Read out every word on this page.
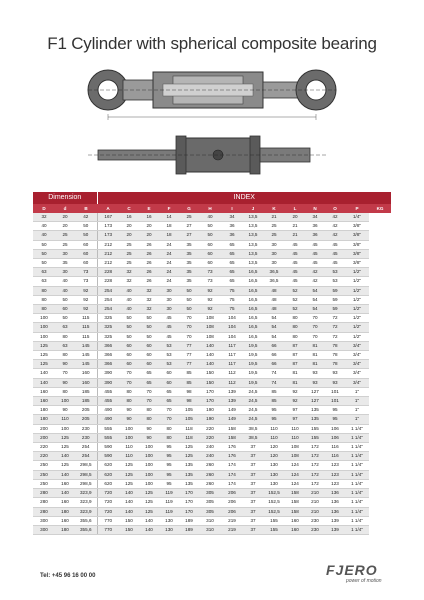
F1 Cylinder with spherical composite bearing
Dimension			INDEX													
D	d	B	A	C	E	F	G	H	I	J	K	L	N	O	P	KG
32	20	42	167	16	16	14	25	40	34	13,5	21	20	34	42	1/4"	
40	20	50	173	20	20	18	27	50	36	13,5	25	21	36	42	3/8"	
40	25	50	173	20	20	18	27	50	36	13,5	25	21	36	42	3/8"	
50	25	60	212	25	26	24	35	60	65	13,5	30	45	45	45	3/8"	
50	30	60	212	25	26	24	35	60	65	13,5	30	45	45	45	3/8"	
50	35	60	212	25	26	24	35	60	65	13,5	30	45	45	45	3/8"	
63	30	73	228	32	26	24	35	73	65	16,5	36,5	45	42	53	1/2"	
63	40	73	228	32	26	24	35	73	65	16,5	36,5	45	42	53	1/2"	
80	40	92	254	40	32	30	50	92	75	16,5	48	52	54	59	1/2"	
80	50	92	254	40	32	30	50	92	75	16,5	48	52	54	59	1/2"	
80	60	92	254	40	32	30	50	92	75	16,5	48	52	54	59	1/2"	
100	50	115	325	50	50	45	70	108	104	16,5	54	80	70	72	1/2"	
100	63	115	325	50	50	45	70	108	104	16,5	54	80	70	72	1/2"	
100	80	115	325	50	50	45	70	108	104	16,5	54	80	70	72	1/2"	
125	63	145	366	60	60	53	77	140	117	19,5	66	87	81	78	3/4"	
125	80	145	366	60	60	53	77	140	117	19,5	66	87	81	78	3/4"	
125	90	145	366	60	60	53	77	140	117	19,5	66	87	81	78	3/4"	
140	70	160	390	70	65	60	85	150	112	19,5	74	81	93	93	3/4"	
140	90	160	390	70	65	60	85	150	112	19,5	74	81	93	93	3/4"	
160	80	185	455	80	70	65	98	170	139	24,5	85	92	127	101	1"	
160	100	185	455	80	70	65	98	170	139	24,5	85	92	127	101	1"	
180	90	205	490	90	80	70	105	190	149	24,5	95	97	135	95	1"	
180	110	205	490	90	80	70	105	190	149	24,5	95	97	135	95	1"	
200	100	230	555	100	90	80	118	220	158	38,5	110	110	155	106	1 1/4"	
200	125	230	555	100	90	80	118	220	158	38,5	110	110	155	106	1 1/4"	
220	125	254	590	110	100	95	125	240	176	37	120	108	172	116	1 1/4"	
220	140	254	590	110	100	95	125	240	176	37	120	108	172	116	1 1/4"	
250	125	298,5	620	125	100	95	135	260	174	37	130	124	172	123	1 1/4"	
250	140	298,5	620	125	100	95	135	260	174	37	130	124	172	123	1 1/4"	
250	160	298,5	620	125	100	95	135	260	174	37	130	124	172	123	1 1/4"	
280	140	323,9	720	140	125	119	170	305	206	37	152,5	158	210	136	1 1/4"	
280	160	323,9	720	140	125	119	170	305	206	37	152,5	158	210	136	1 1/4"	
280	180	323,9	720	140	125	119	170	305	206	37	152,5	158	210	136	1 1/4"	
300	160	355,6	770	150	140	130	189	310	219	37	155	160	230	139	1 1/4"	
300	180	355,6	770	150	140	130	189	310	219	37	155	160	230	139	1 1/4"	
Tel: +45 96 16 00 00	FJERO
power of motion
